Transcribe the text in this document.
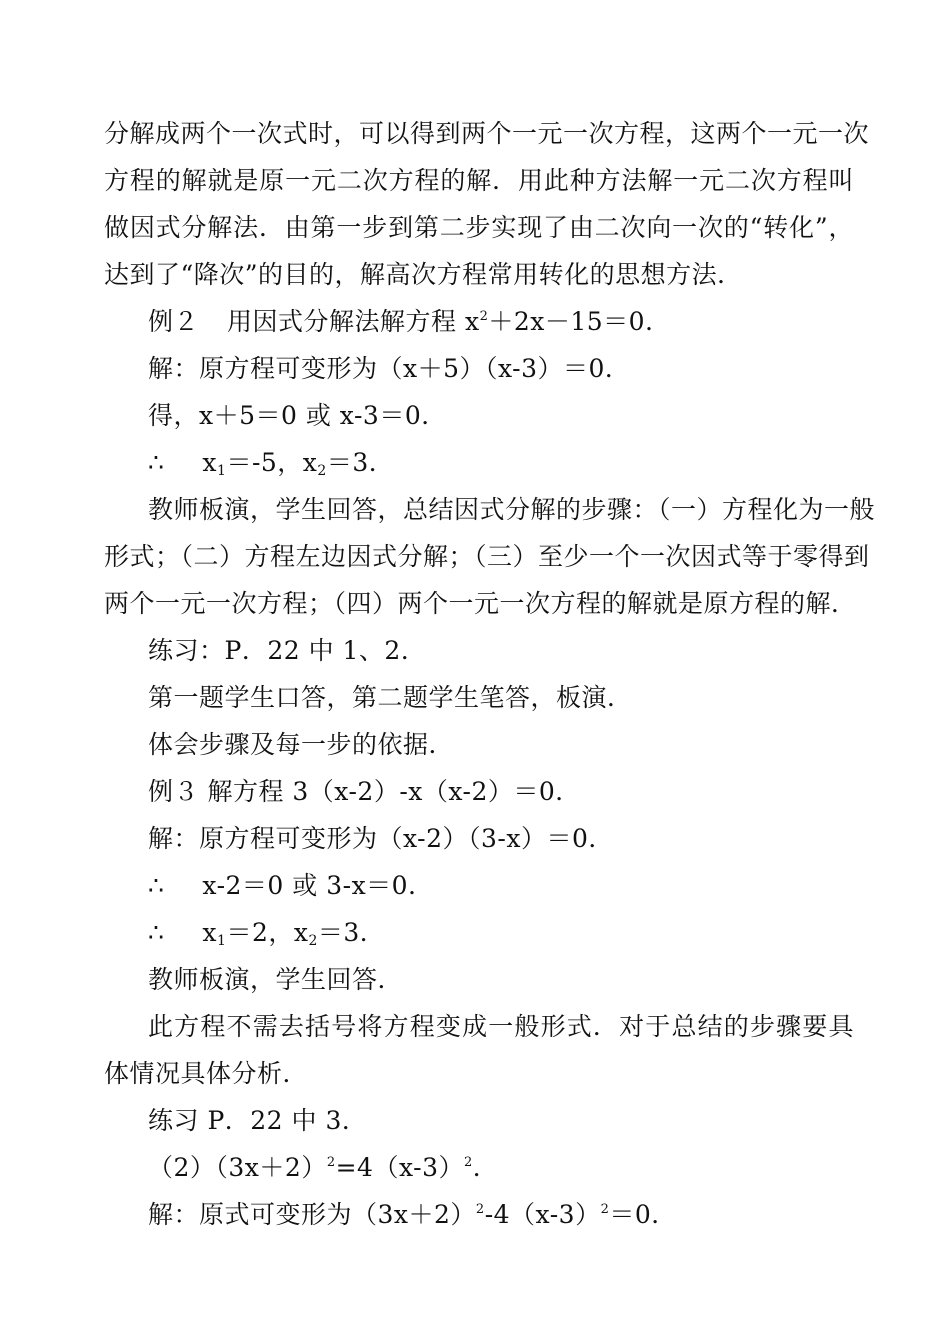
分解成两个一次式时，可以得到两个一元一次方程，这两个一元一次
方程的解就是原一元二次方程的解．用此种方法解一元二次方程叫
做因式分解法．由第一步到第二步实现了由二次向一次的“转化”，
达到了“降次”的目的，解高次方程常用转化的思想方法．
例２ 用因式分解法解方程 $x^2+2x-15=0$．
解：原方程可变形为（x＋5）（x-3）＝0．
得，x＋5＝0 或 x-3＝0．
∴ $x_1=-5$，$x_2=3$．
教师板演，学生回答，总结因式分解的步骤：（一）方程化为一般
形式；（二）方程左边因式分解；（三）至少一个一次因式等于零得到
两个一元一次方程；（四）两个一元一次方程的解就是原方程的解．
练习：P．22 中 1、2．
第一题学生口答，第二题学生笔答，板演．
体会步骤及每一步的依据．
例３ 解方程 3（x-2）-x（x-2）＝0．
解：原方程可变形为（x-2）（3-x）＝0．
∴ x-2＝0 或 3-x＝0．
∴ $x_1=2$，$x_2=3$．
教师板演，学生回答．
此方程不需去括号将方程变成一般形式．对于总结的步骤要具
体情况具体分析．
练习 P．22 中 3．
$(2)(3x+2)^2=4(x-3)^2$．
解：原式可变形为$(3x+2)^2-4(x-3)^2=0$．
